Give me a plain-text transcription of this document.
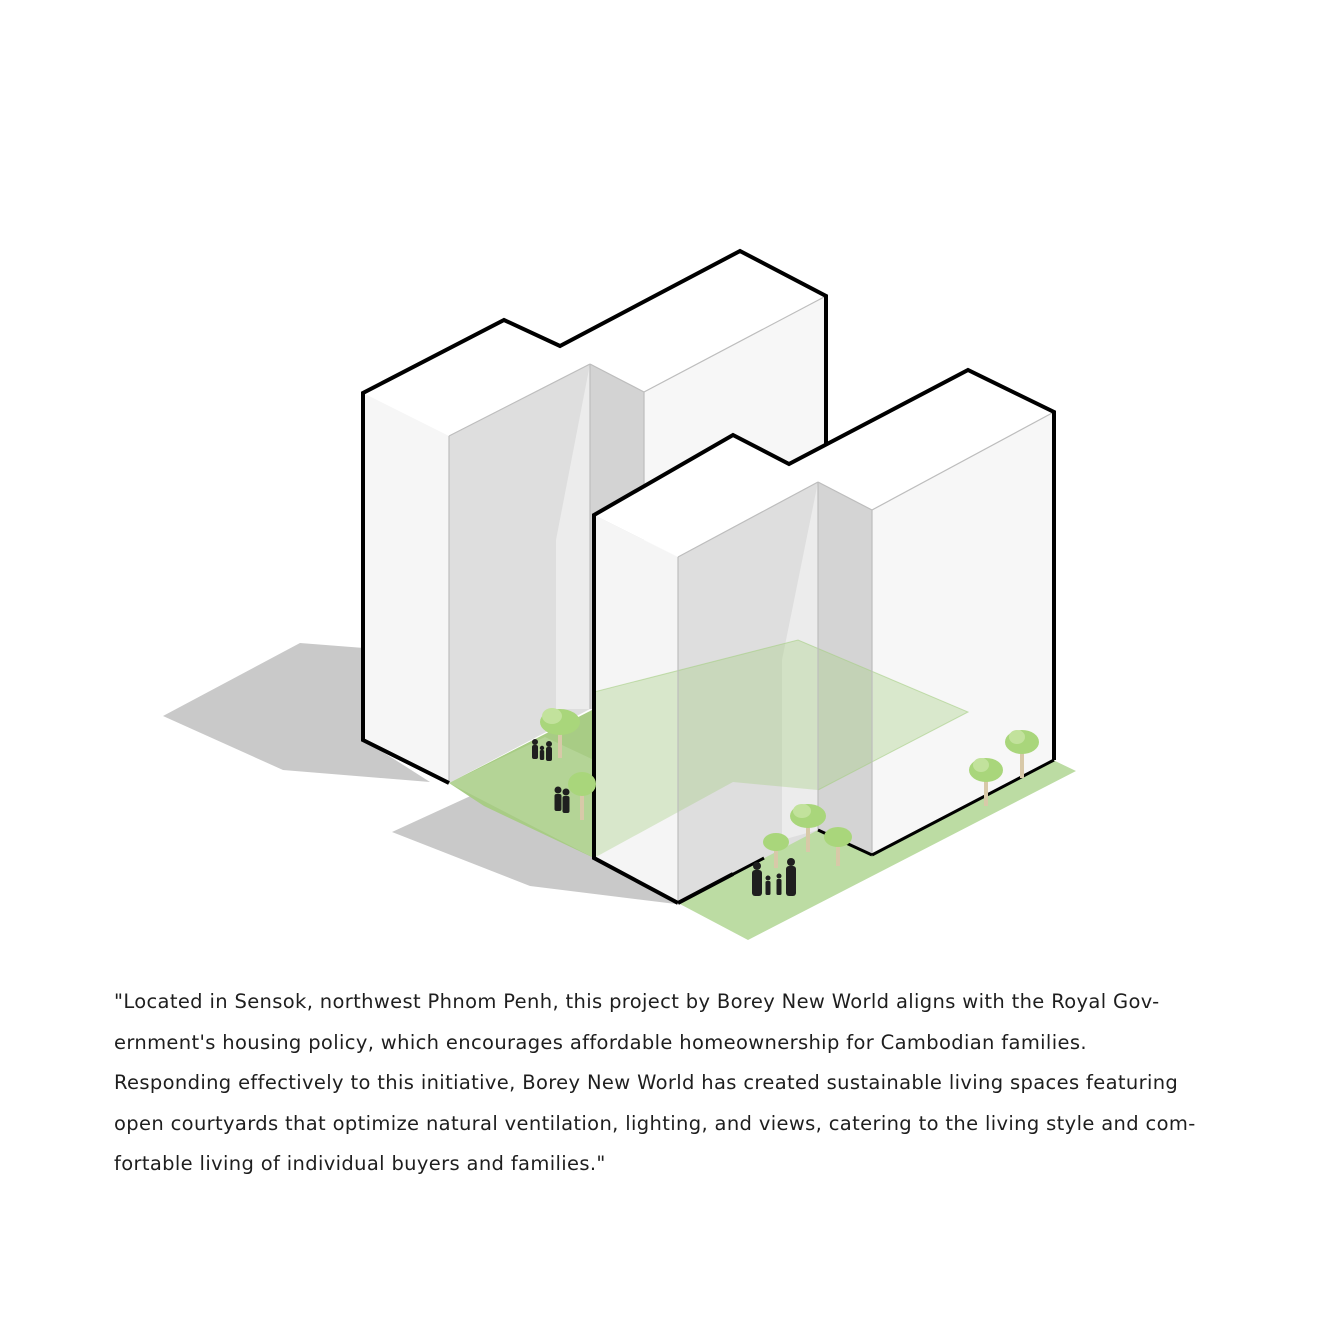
"Located in Sensok, northwest Phnom Penh, this project by Borey New World aligns with the Royal Gov-
ernment's housing policy, which encourages affordable homeownership for Cambodian families.
Responding effectively to this initiative, Borey New World has created sustainable living spaces featuring
open courtyards that optimize natural ventilation, lighting, and views, catering to the living style and com-
fortable living of individual buyers and families."
